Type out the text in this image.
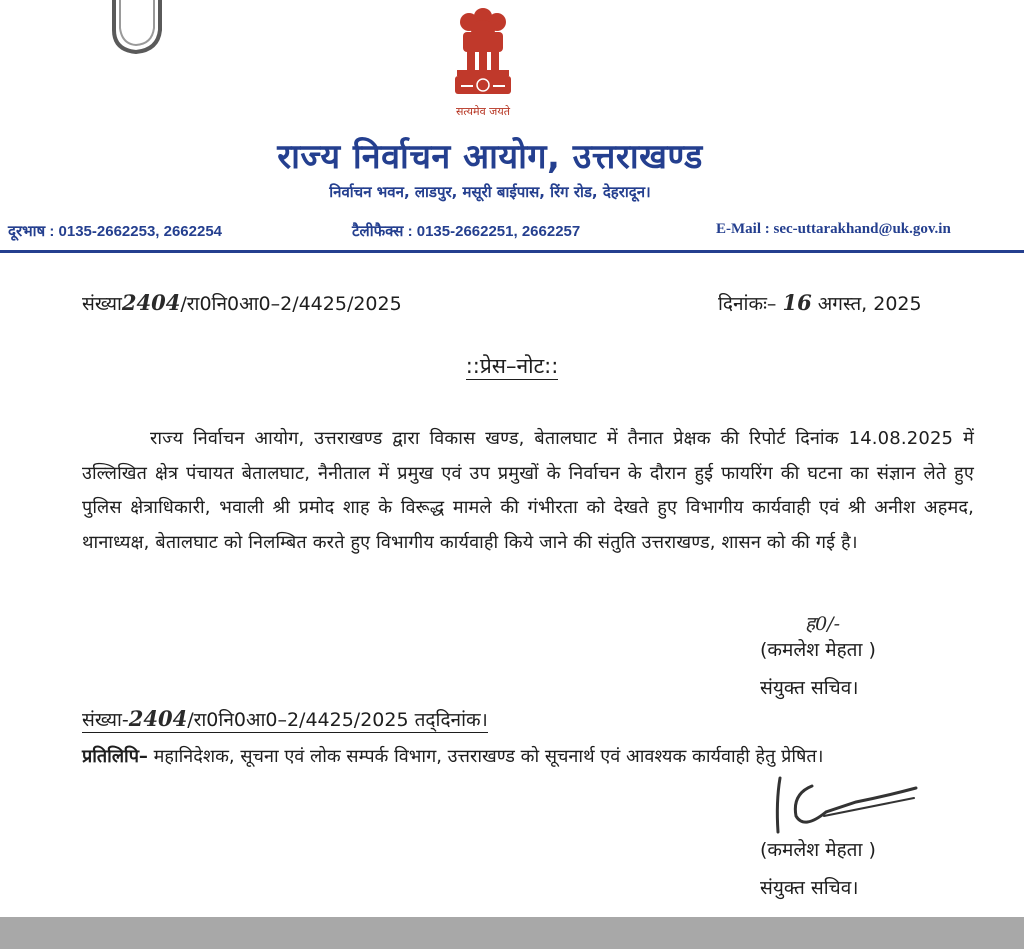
सत्यमेव जयते
राज्य निर्वाचन आयोग, उत्तराखण्ड
निर्वाचन भवन, लाडपुर, मसूरी बाईपास, रिंग रोड, देहरादून।
दूरभाष : 0135-2662253, 2662254	टैलीफैक्स : 0135-2662251, 2662257	E-Mail : sec-uttarakhand@uk.gov.in
संख्या2404/रा0नि0आ0–2/4425/2025	दिनांकः– 16 अगस्त, 2025
::प्रेस–नोट::

राज्य निर्वाचन आयोग, उत्तराखण्ड द्वारा विकास खण्ड, बेतालघाट में तैनात प्रेक्षक की रिपोर्ट दिनांक 14.08.2025 में उल्लिखित क्षेत्र पंचायत बेतालघाट, नैनीताल में प्रमुख एवं उप प्रमुखों के निर्वाचन के दौरान हुई फायरिंग की घटना का संज्ञान लेते हुए पुलिस क्षेत्राधिकारी, भवाली श्री प्रमोद शाह के विरूद्ध मामले की गंभीरता को देखते हुए विभागीय कार्यवाही एवं श्री अनीश अहमद, थानाध्यक्ष, बेतालघाट को निलम्बित करते हुए विभागीय कार्यवाही किये जाने की संतुति उत्तराखण्ड, शासन को की गई है।

ह0/-
(कमलेश मेहता )
संयुक्त सचिव।
संख्या-2404/रा0नि0आ0–2/4425/2025 तद्‌दिनांक।

प्रतिलिपि– महानिदेशक, सूचना एवं लोक सम्पर्क विभाग, उत्तराखण्ड को सूचनार्थ एवं आवश्यक कार्यवाही हेतु प्रेषित।

(कमलेश मेहता )
संयुक्त सचिव।
